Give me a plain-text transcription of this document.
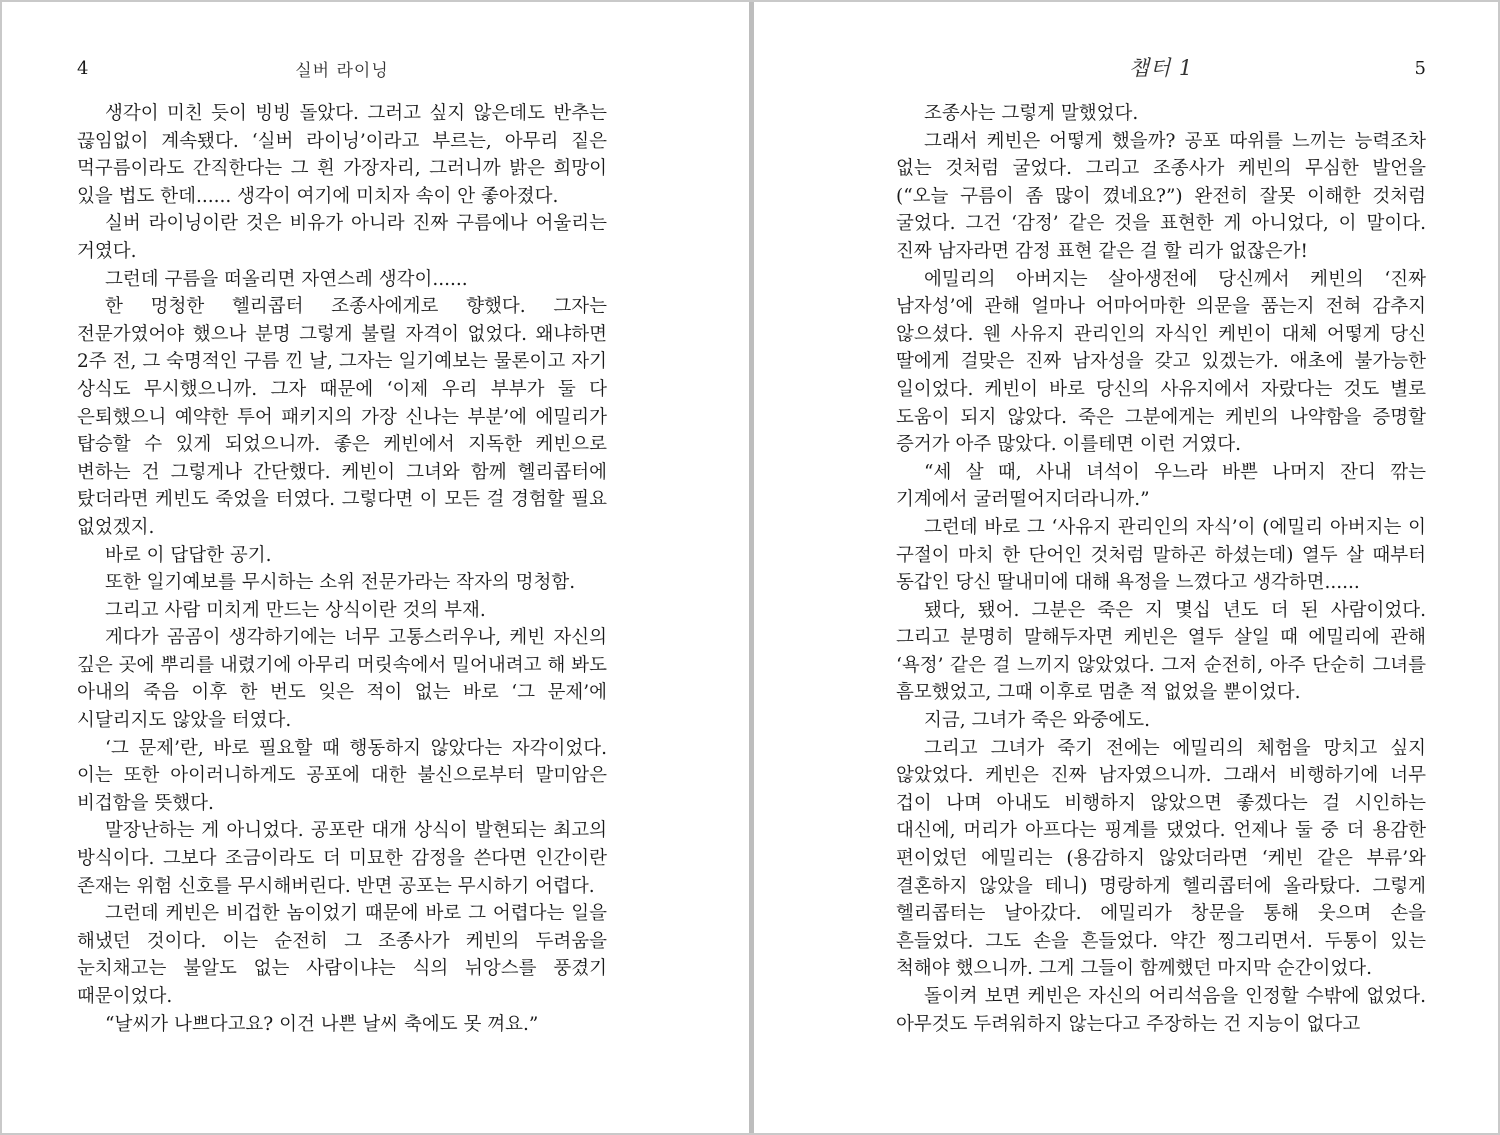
4	실버 라이닝

생각이 미친 듯이 빙빙 돌았다. 그러고 싶지 않은데도 반추는 끊임없이 계속됐다. ‘실버 라이닝’이라고 부르는, 아무리 짙은 먹구름이라도 간직한다는 그 흰 가장자리, 그러니까 밝은 희망이 있을 법도 한데...... 생각이 여기에 미치자 속이 안 좋아졌다.

실버 라이닝이란 것은 비유가 아니라 진짜 구름에나 어울리는 거였다.

그런데 구름을 떠올리면 자연스레 생각이......

한 멍청한 헬리콥터 조종사에게로 향했다. 그자는 전문가였어야 했으나 분명 그렇게 불릴 자격이 없었다. 왜냐하면 2주 전, 그 숙명적인 구름 낀 날, 그자는 일기예보는 물론이고 자기 상식도 무시했으니까. 그자 때문에 ‘이제 우리 부부가 둘 다 은퇴했으니 예약한 투어 패키지의 가장 신나는 부분’에 에밀리가 탑승할 수 있게 되었으니까. 좋은 케빈에서 지독한 케빈으로 변하는 건 그렇게나 간단했다. 케빈이 그녀와 함께 헬리콥터에 탔더라면 케빈도 죽었을 터였다. 그렇다면 이 모든 걸 경험할 필요 없었겠지.

바로 이 답답한 공기.

또한 일기예보를 무시하는 소위 전문가라는 작자의 멍청함.

그리고 사람 미치게 만드는 상식이란 것의 부재.

게다가 곰곰이 생각하기에는 너무 고통스러우나, 케빈 자신의 깊은 곳에 뿌리를 내렸기에 아무리 머릿속에서 밀어내려고 해 봐도 아내의 죽음 이후 한 번도 잊은 적이 없는 바로 ‘그 문제’에 시달리지도 않았을 터였다.

‘그 문제’란, 바로 필요할 때 행동하지 않았다는 자각이었다. 이는 또한 아이러니하게도 공포에 대한 불신으로부터 말미암은 비겁함을 뜻했다.

말장난하는 게 아니었다. 공포란 대개 상식이 발현되는 최고의 방식이다. 그보다 조금이라도 더 미묘한 감정을 쓴다면 인간이란 존재는 위험 신호를 무시해버린다. 반면 공포는 무시하기 어렵다.

그런데 케빈은 비겁한 놈이었기 때문에 바로 그 어렵다는 일을 해냈던 것이다. 이는 순전히 그 조종사가 케빈의 두려움을 눈치채고는 불알도 없는 사람이냐는 식의 뉘앙스를 풍겼기 때문이었다.

“날씨가 나쁘다고요? 이건 나쁜 날씨 축에도 못 껴요.”

챕터 1	5

조종사는 그렇게 말했었다.

그래서 케빈은 어떻게 했을까? 공포 따위를 느끼는 능력조차 없는 것처럼 굴었다. 그리고 조종사가 케빈의 무심한 발언을 (“오늘 구름이 좀 많이 꼈네요?”) 완전히 잘못 이해한 것처럼 굴었다. 그건 ‘감정’ 같은 것을 표현한 게 아니었다, 이 말이다. 진짜 남자라면 감정 표현 같은 걸 할 리가 없잖은가!

에밀리의 아버지는 살아생전에 당신께서 케빈의 ‘진짜 남자성’에 관해 얼마나 어마어마한 의문을 품는지 전혀 감추지 않으셨다. 웬 사유지 관리인의 자식인 케빈이 대체 어떻게 당신 딸에게 걸맞은 진짜 남자성을 갖고 있겠는가. 애초에 불가능한 일이었다. 케빈이 바로 당신의 사유지에서 자랐다는 것도 별로 도움이 되지 않았다. 죽은 그분에게는 케빈의 나약함을 증명할 증거가 아주 많았다. 이를테면 이런 거였다.

“세 살 때, 사내 녀석이 우느라 바쁜 나머지 잔디 깎는 기계에서 굴러떨어지더라니까.”

그런데 바로 그 ‘사유지 관리인의 자식’이 (에밀리 아버지는 이 구절이 마치 한 단어인 것처럼 말하곤 하셨는데) 열두 살 때부터 동갑인 당신 딸내미에 대해 욕정을 느꼈다고 생각하면......

됐다, 됐어. 그분은 죽은 지 몇십 년도 더 된 사람이었다. 그리고 분명히 말해두자면 케빈은 열두 살일 때 에밀리에 관해 ‘욕정’ 같은 걸 느끼지 않았었다. 그저 순전히, 아주 단순히 그녀를 흠모했었고, 그때 이후로 멈춘 적 없었을 뿐이었다.

지금, 그녀가 죽은 와중에도.

그리고 그녀가 죽기 전에는 에밀리의 체험을 망치고 싶지 않았었다. 케빈은 진짜 남자였으니까. 그래서 비행하기에 너무 겁이 나며 아내도 비행하지 않았으면 좋겠다는 걸 시인하는 대신에, 머리가 아프다는 핑계를 댔었다. 언제나 둘 중 더 용감한 편이었던 에밀리는 (용감하지 않았더라면 ‘케빈 같은 부류’와 결혼하지 않았을 테니) 명랑하게 헬리콥터에 올라탔다. 그렇게 헬리콥터는 날아갔다. 에밀리가 창문을 통해 웃으며 손을 흔들었다. 그도 손을 흔들었다. 약간 찡그리면서. 두통이 있는 척해야 했으니까. 그게 그들이 함께했던 마지막 순간이었다.

돌이켜 보면 케빈은 자신의 어리석음을 인정할 수밖에 없었다. 아무것도 두려워하지 않는다고 주장하는 건 지능이 없다고
